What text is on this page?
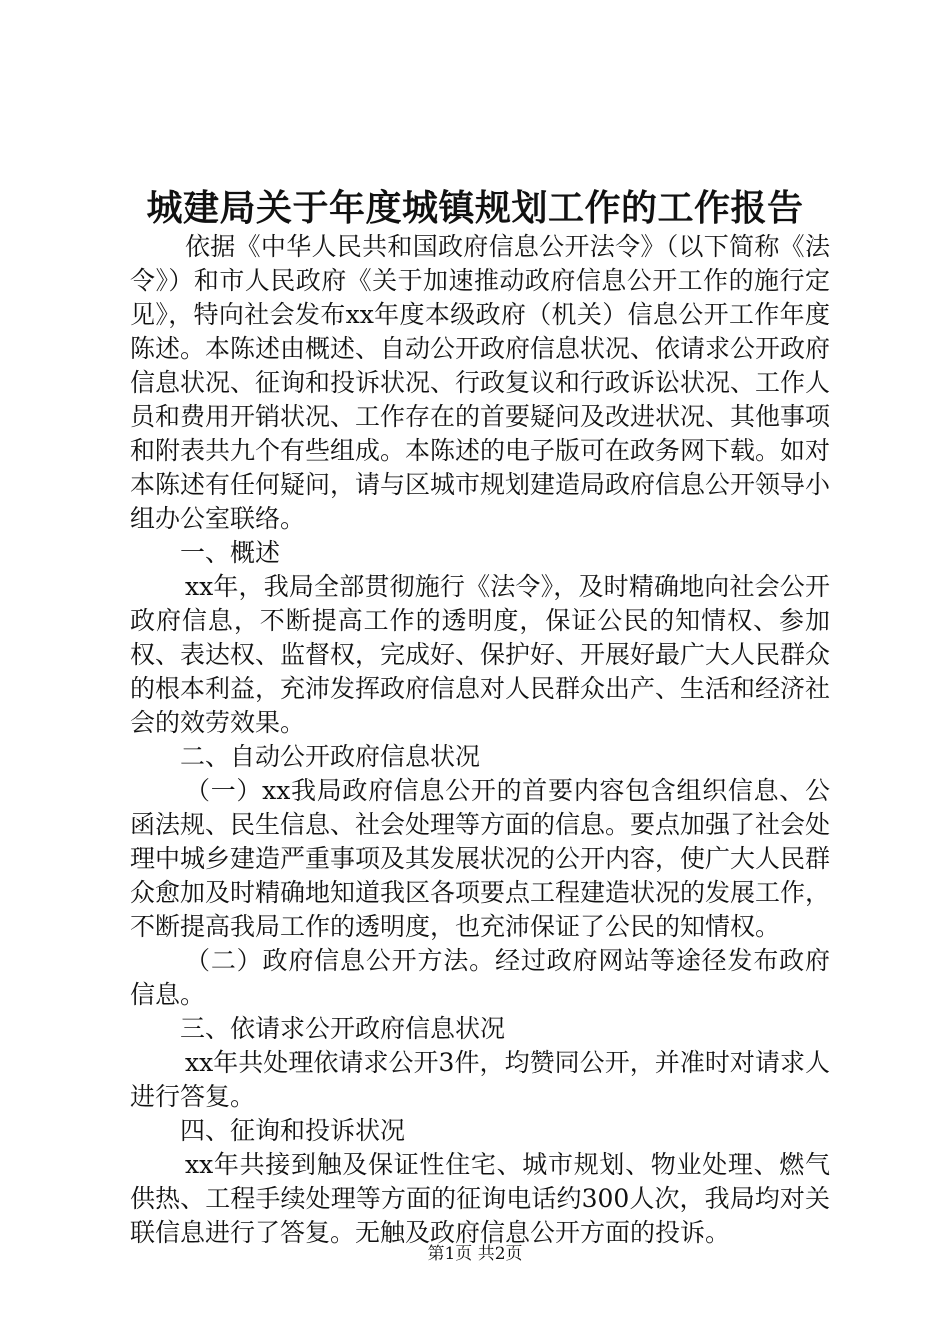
城建局关于年度城镇规划工作的工作报告

依据《中华人民共和国政府信息公开法令》（以下简称《法令》）和市人民政府《关于加速推动政府信息公开工作的施行定见》，特向社会发布xx年度本级政府（机关）信息公开工作年度陈述。本陈述由概述、自动公开政府信息状况、依请求公开政府信息状况、征询和投诉状况、行政复议和行政诉讼状况、工作人员和费用开销状况、工作存在的首要疑问及改进状况、其他事项和附表共九个有些组成。本陈述的电子版可在政务网下载。如对本陈述有任何疑问，请与区城市规划建造局政府信息公开领导小组办公室联络。

一、概述

xx年，我局全部贯彻施行《法令》，及时精确地向社会公开政府信息，不断提高工作的透明度，保证公民的知情权、参加权、表达权、监督权，完成好、保护好、开展好最广大人民群众的根本利益，充沛发挥政府信息对人民群众出产、生活和经济社会的效劳效果。

二、自动公开政府信息状况

（一）xx我局政府信息公开的首要内容包含组织信息、公函法规、民生信息、社会处理等方面的信息。要点加强了社会处理中城乡建造严重事项及其发展状况的公开内容，使广大人民群众愈加及时精确地知道我区各项要点工程建造状况的发展工作，不断提高我局工作的透明度，也充沛保证了公民的知情权。

（二）政府信息公开方法。经过政府网站等途径发布政府信息。

三、依请求公开政府信息状况

xx年共处理依请求公开3件，均赞同公开，并准时对请求人进行答复。

四、征询和投诉状况

xx年共接到触及保证性住宅、城市规划、物业处理、燃气供热、工程手续处理等方面的征询电话约300人次，我局均对关联信息进行了答复。无触及政府信息公开方面的投诉。

第1页 共2页
